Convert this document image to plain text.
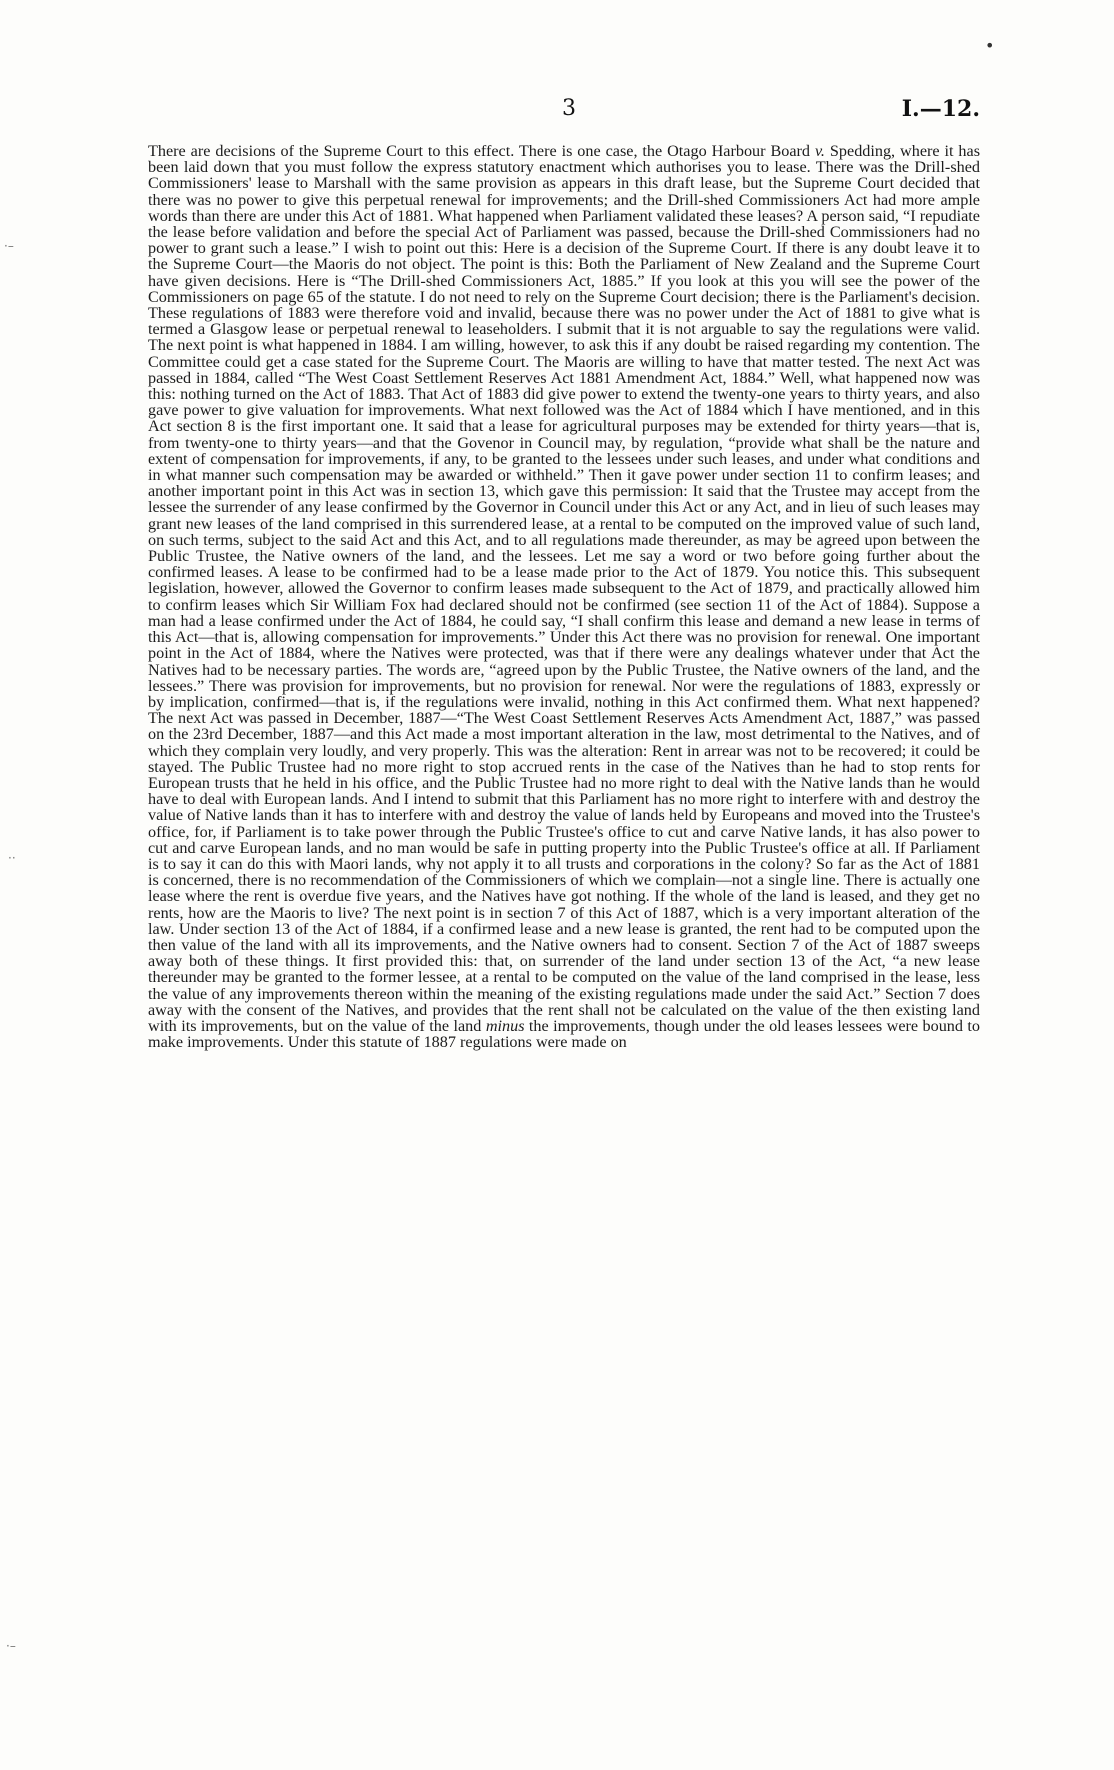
•
·–
··
·–
3	I.—12.

There are decisions of the Supreme Court to this effect. There is one case, the Otago Harbour Board v. Spedding, where it has been laid down that you must follow the express statutory enactment which authorises you to lease. There was the Drill-shed Commissioners' lease to Marshall with the same provision as appears in this draft lease, but the Supreme Court decided that there was no power to give this perpetual renewal for improvements; and the Drill-shed Commissioners Act had more ample words than there are under this Act of 1881. What happened when Parliament validated these leases? A person said, “I repudiate the lease before validation and before the special Act of Parliament was passed, because the Drill-shed Commissioners had no power to grant such a lease.” I wish to point out this: Here is a decision of the Supreme Court. If there is any doubt leave it to the Supreme Court—the Maoris do not object. The point is this: Both the Parliament of New Zealand and the Supreme Court have given decisions. Here is “The Drill-shed Commissioners Act, 1885.” If you look at this you will see the power of the Commissioners on page 65 of the statute. I do not need to rely on the Supreme Court decision; there is the Parliament's decision. These regulations of 1883 were therefore void and invalid, because there was no power under the Act of 1881 to give what is termed a Glasgow lease or perpetual renewal to leaseholders. I submit that it is not arguable to say the regulations were valid. The next point is what happened in 1884. I am willing, however, to ask this if any doubt be raised regarding my contention. The Committee could get a case stated for the Supreme Court. The Maoris are willing to have that matter tested. The next Act was passed in 1884, called “The West Coast Settlement Reserves Act 1881 Amendment Act, 1884.” Well, what happened now was this: nothing turned on the Act of 1883. That Act of 1883 did give power to extend the twenty-one years to thirty years, and also gave power to give valuation for improvements. What next followed was the Act of 1884 which I have mentioned, and in this Act section 8 is the first important one. It said that a lease for agricultural purposes may be extended for thirty years—that is, from twenty-one to thirty years—and that the Govenor in Council may, by regulation, “provide what shall be the nature and extent of compensation for improvements, if any, to be granted to the lessees under such leases, and under what conditions and in what manner such compensation may be awarded or withheld.” Then it gave power under section 11 to confirm leases; and another important point in this Act was in section 13, which gave this permission: It said that the Trustee may accept from the lessee the surrender of any lease confirmed by the Governor in Council under this Act or any Act, and in lieu of such leases may grant new leases of the land comprised in this surrendered lease, at a rental to be computed on the improved value of such land, on such terms, subject to the said Act and this Act, and to all regulations made thereunder, as may be agreed upon between the Public Trustee, the Native owners of the land, and the lessees. Let me say a word or two before going further about the confirmed leases. A lease to be confirmed had to be a lease made prior to the Act of 1879. You notice this. This subsequent legislation, however, allowed the Governor to confirm leases made subsequent to the Act of 1879, and practically allowed him to confirm leases which Sir William Fox had declared should not be confirmed (see section 11 of the Act of 1884). Suppose a man had a lease confirmed under the Act of 1884, he could say, “I shall confirm this lease and demand a new lease in terms of this Act—that is, allowing compensation for improvements.” Under this Act there was no provision for renewal. One important point in the Act of 1884, where the Natives were protected, was that if there were any dealings whatever under that Act the Natives had to be necessary parties. The words are, “agreed upon by the Public Trustee, the Native owners of the land, and the lessees.” There was provision for improvements, but no provision for renewal. Nor were the regulations of 1883, expressly or by implication, confirmed—that is, if the regulations were invalid, nothing in this Act confirmed them. What next happened? The next Act was passed in December, 1887—“The West Coast Settlement Reserves Acts Amendment Act, 1887,” was passed on the 23rd December, 1887—and this Act made a most important alteration in the law, most detrimental to the Natives, and of which they complain very loudly, and very properly. This was the alteration: Rent in arrear was not to be recovered; it could be stayed. The Public Trustee had no more right to stop accrued rents in the case of the Natives than he had to stop rents for European trusts that he held in his office, and the Public Trustee had no more right to deal with the Native lands than he would have to deal with European lands. And I intend to submit that this Parliament has no more right to interfere with and destroy the value of Native lands than it has to interfere with and destroy the value of lands held by Europeans and moved into the Trustee's office, for, if Parliament is to take power through the Public Trustee's office to cut and carve Native lands, it has also power to cut and carve European lands, and no man would be safe in putting property into the Public Trustee's office at all. If Parliament is to say it can do this with Maori lands, why not apply it to all trusts and corporations in the colony? So far as the Act of 1881 is concerned, there is no recommendation of the Commissioners of which we complain—not a single line. There is actually one lease where the rent is overdue five years, and the Natives have got nothing. If the whole of the land is leased, and they get no rents, how are the Maoris to live? The next point is in section 7 of this Act of 1887, which is a very important alteration of the law. Under section 13 of the Act of 1884, if a confirmed lease and a new lease is granted, the rent had to be computed upon the then value of the land with all its improvements, and the Native owners had to consent. Section 7 of the Act of 1887 sweeps away both of these things. It first provided this: that, on surrender of the land under section 13 of the Act, “a new lease thereunder may be granted to the former lessee, at a rental to be computed on the value of the land comprised in the lease, less the value of any improvements thereon within the meaning of the existing regulations made under the said Act.” Section 7 does away with the consent of the Natives, and provides that the rent shall not be calculated on the value of the then existing land with its improvements, but on the value of the land minus the improvements, though under the old leases lessees were bound to make improvements. Under this statute of 1887 regulations were made on
